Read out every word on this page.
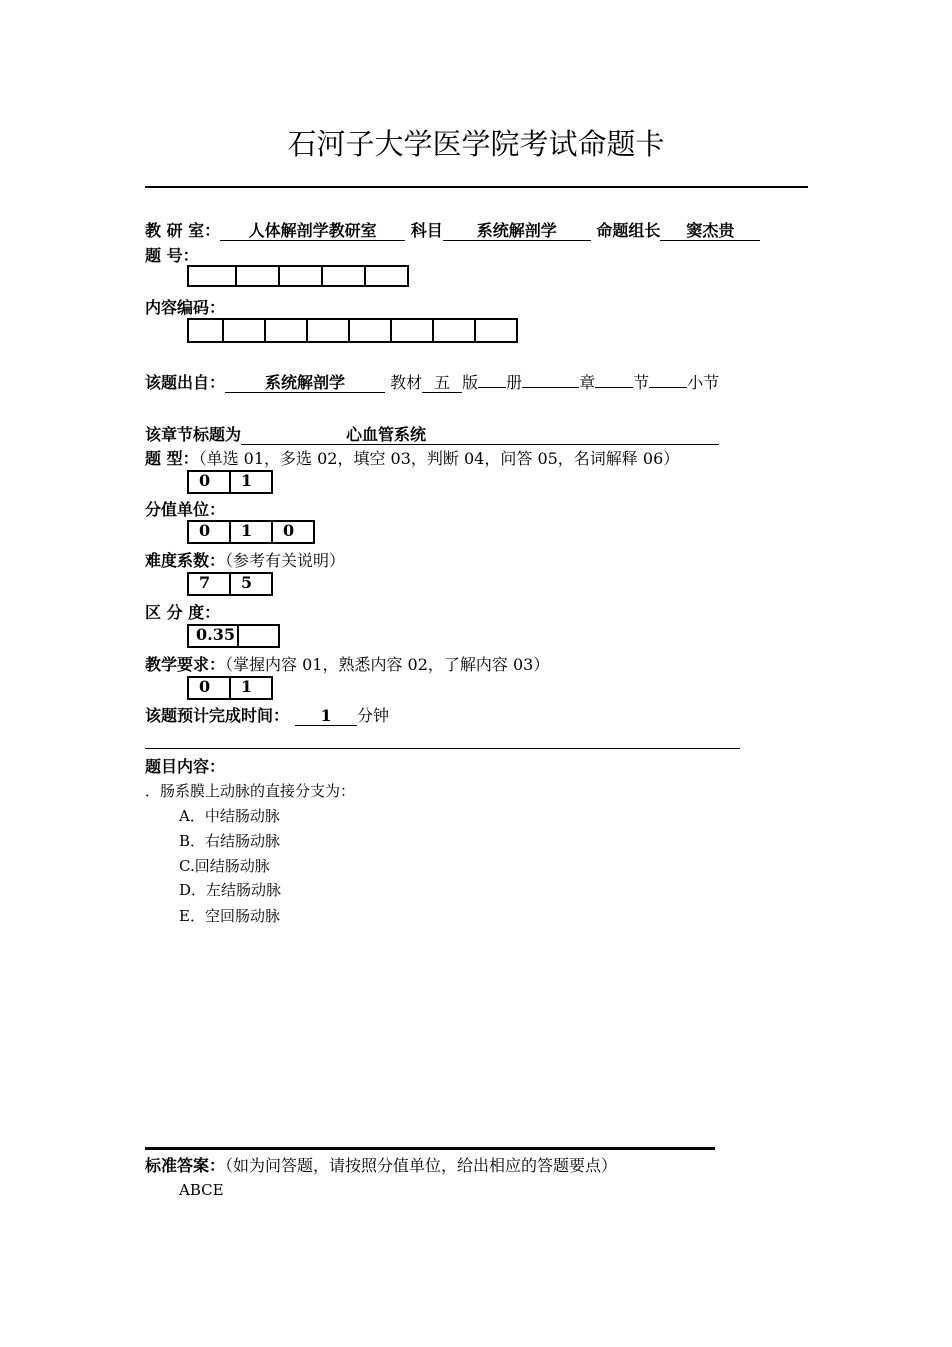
石河子大学医学院考试命题卡
教 研 室： 人体解剖学教研室 科目 系统解剖学 命题组长 窦杰贵
题 号：
内容编码：
该题出自： 系统解剖学	教材 五 版 册	章 节 小节
该章节标题为	心血管系统
题 型：（单选 01，多选 02，填空 03，判断 04，问答 05，名词解释 06）
0	1
分值单位：
0	1	0
难度系数：（参考有关说明）
7	5
区 分 度：
0.35
教学要求：（掌握内容 01，熟悉内容 02，了解内容 03）
0	1
该题预计完成时间： 1 分钟
题目内容：
．肠系膜上动脉的直接分支为：
A．中结肠动脉
B．右结肠动脉
C.回结肠动脉
D．左结肠动脉
E．空回肠动脉
标准答案：（如为问答题，请按照分值单位，给出相应的答题要点）
ABCE
